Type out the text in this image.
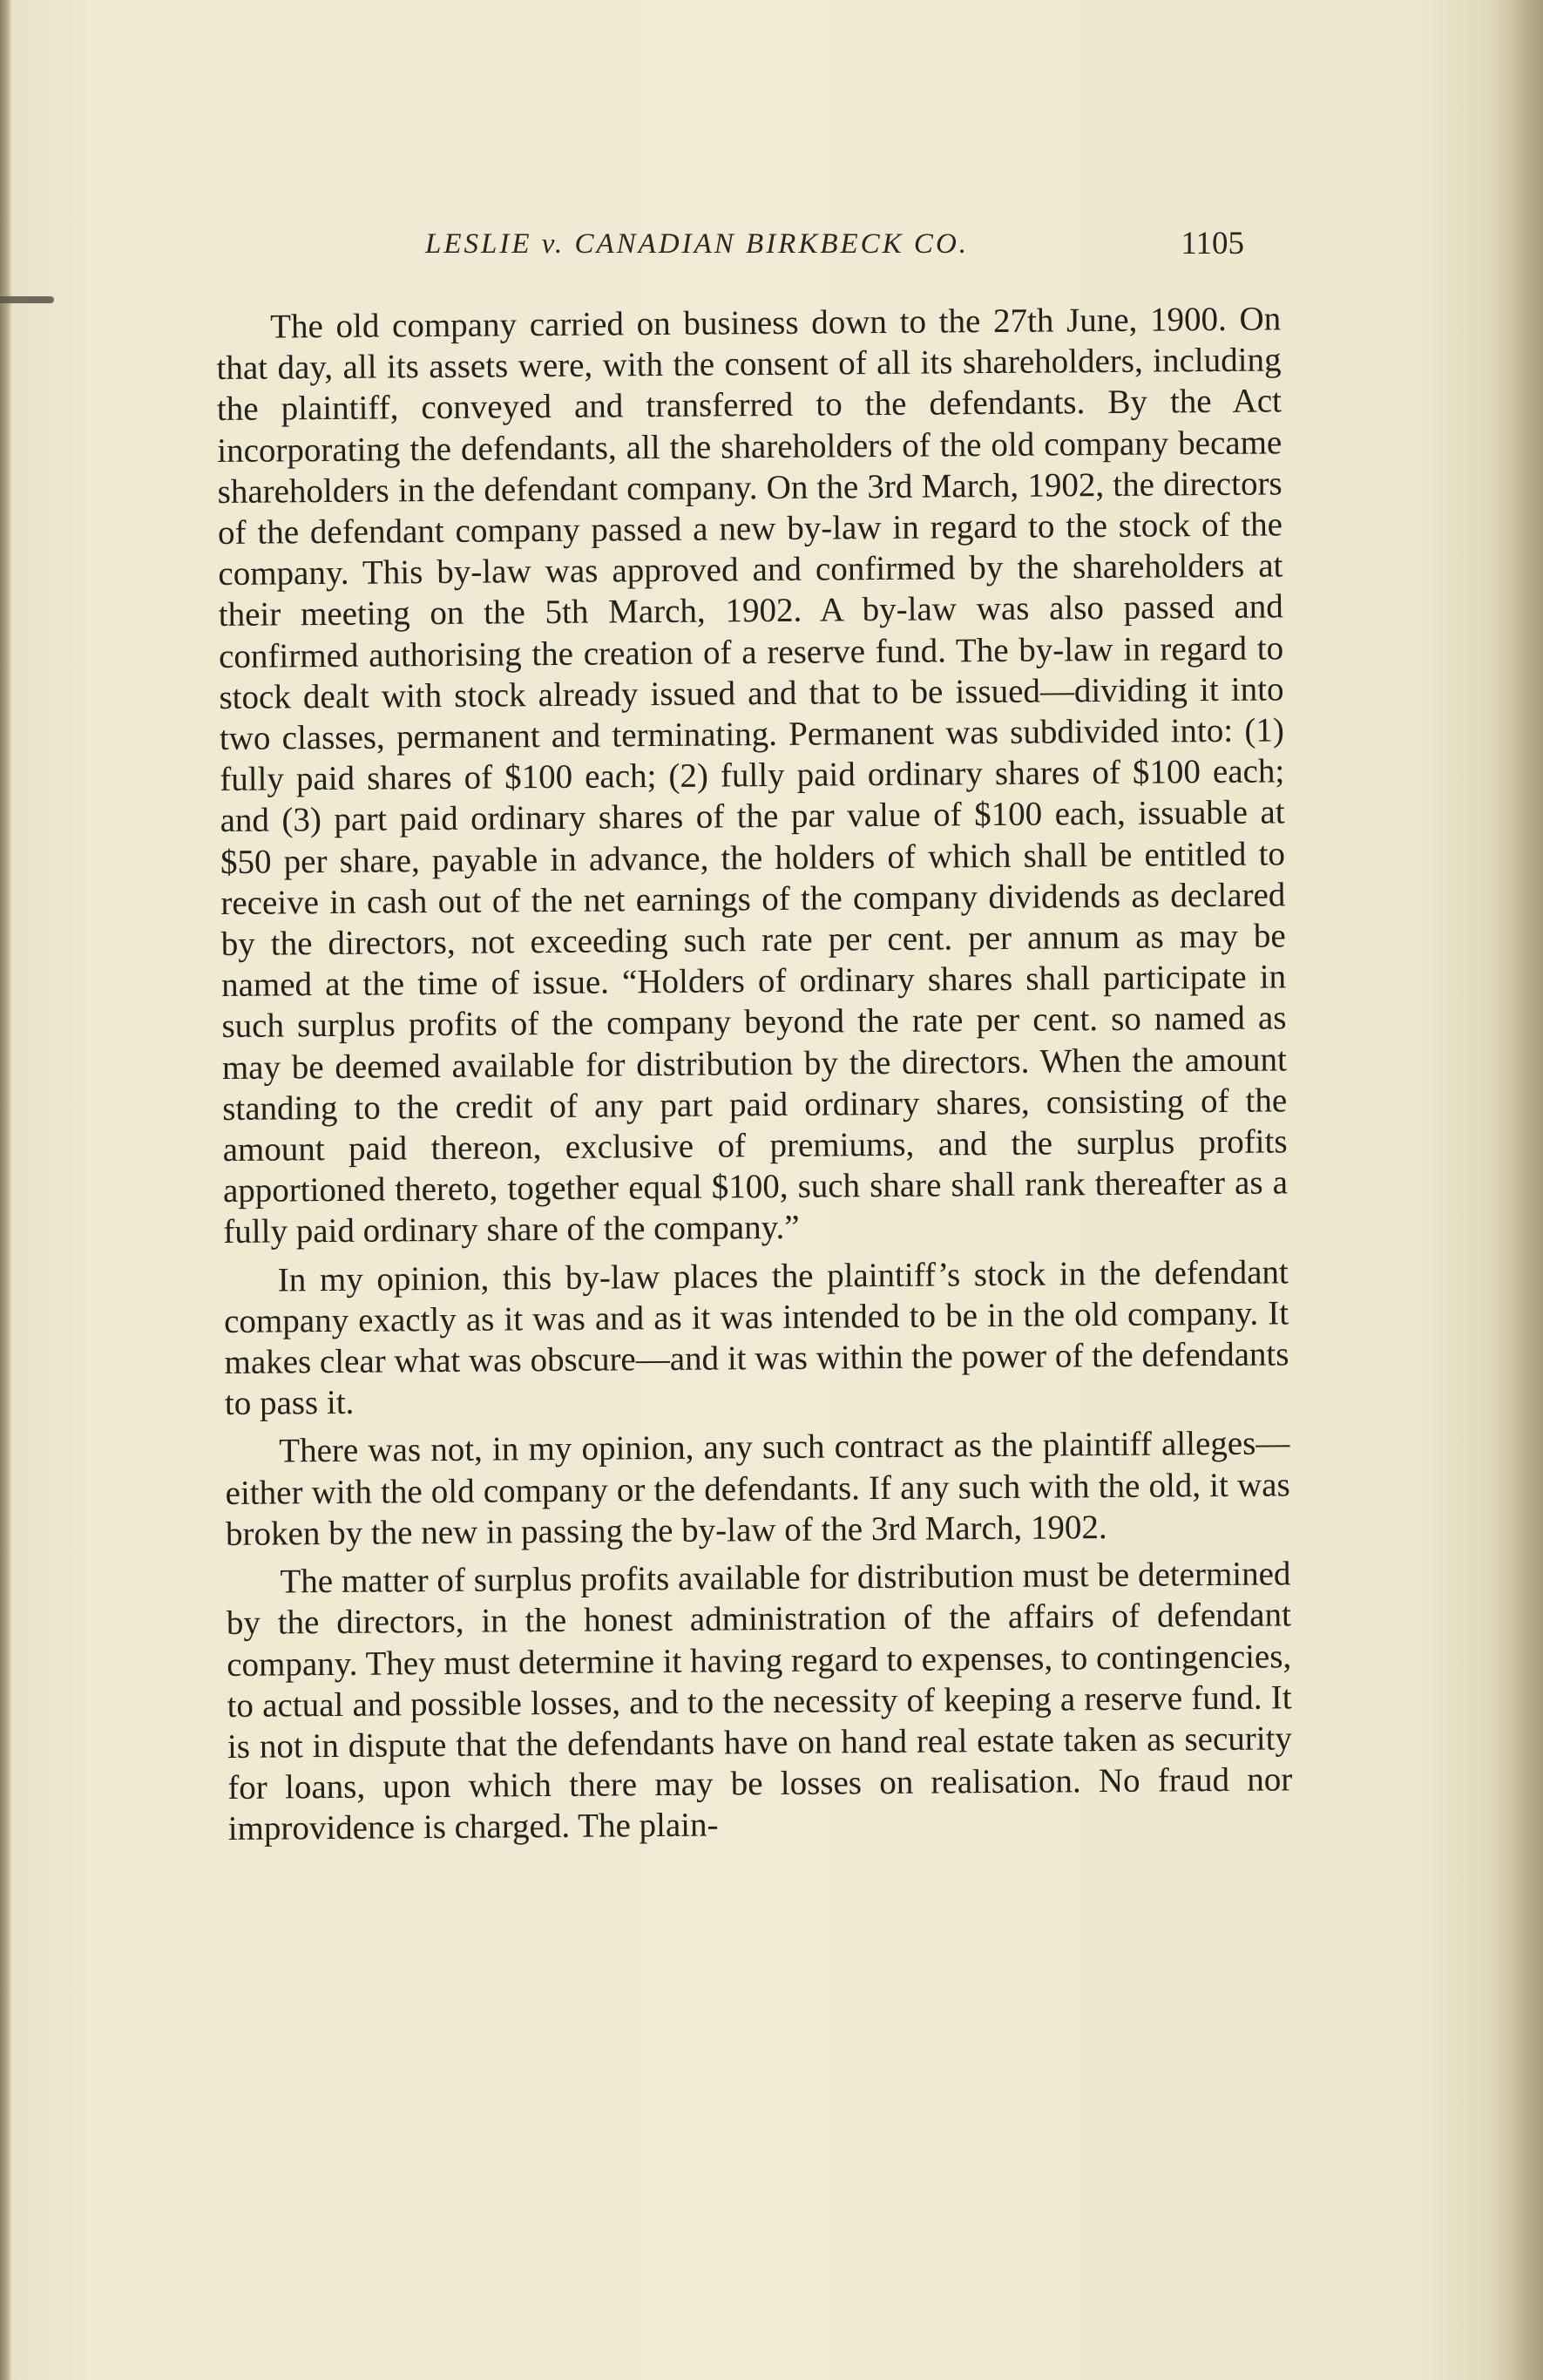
LESLIE v. CANADIAN BIRKBECK CO.	1105

The old company carried on business down to the 27th June, 1900. On that day, all its assets were, with the consent of all its shareholders, including the plaintiff, conveyed and transferred to the defendants. By the Act incorporating the defendants, all the shareholders of the old company became shareholders in the defendant company. On the 3rd March, 1902, the directors of the defendant company passed a new by-law in regard to the stock of the company. This by-law was approved and confirmed by the shareholders at their meeting on the 5th March, 1902. A by-law was also passed and confirmed authorising the creation of a reserve fund. The by-law in regard to stock dealt with stock already issued and that to be issued—dividing it into two classes, permanent and terminating. Permanent was subdivided into: (1) fully paid shares of $100 each; (2) fully paid ordinary shares of $100 each; and (3) part paid ordinary shares of the par value of $100 each, issuable at $50 per share, payable in advance, the holders of which shall be entitled to receive in cash out of the net earnings of the company dividends as declared by the directors, not exceeding such rate per cent. per annum as may be named at the time of issue. “Holders of ordinary shares shall participate in such surplus profits of the company beyond the rate per cent. so named as may be deemed available for distribution by the directors. When the amount standing to the credit of any part paid ordinary shares, consisting of the amount paid thereon, exclusive of premiums, and the surplus profits apportioned thereto, together equal $100, such share shall rank thereafter as a fully paid ordinary share of the company.”

In my opinion, this by-law places the plaintiff’s stock in the defendant company exactly as it was and as it was intended to be in the old company. It makes clear what was obscure—and it was within the power of the defendants to pass it.

There was not, in my opinion, any such contract as the plaintiff alleges—either with the old company or the defendants. If any such with the old, it was broken by the new in passing the by-law of the 3rd March, 1902.

The matter of surplus profits available for distribution must be determined by the directors, in the honest administration of the affairs of defendant company. They must determine it having regard to expenses, to contingencies, to actual and possible losses, and to the necessity of keeping a reserve fund. It is not in dispute that the defendants have on hand real estate taken as security for loans, upon which there may be losses on realisation. No fraud nor improvidence is charged. The plain-
